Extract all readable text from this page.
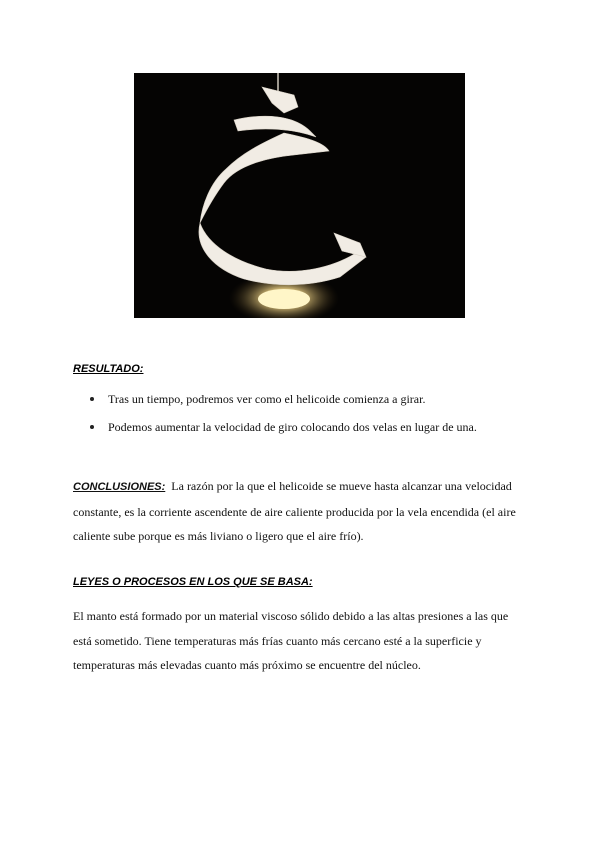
RESULTADO:
Tras un tiempo, podremos ver como el helicoide comienza a girar.
Podemos aumentar la velocidad de giro colocando dos velas en lugar de una.

CONCLUSIONES: La razón por la que el helicoide se mueve hasta alcanzar una velocidad constante, es la corriente ascendente de aire caliente producida por la vela encendida (el aire caliente sube porque es más liviano o ligero que el aire frío).

LEYES O PROCESOS EN LOS QUE SE BASA:

El manto está formado por un material viscoso sólido debido a las altas presiones a las que está sometido. Tiene temperaturas más frías cuanto más cercano esté a la superficie y temperaturas más elevadas cuanto más próximo se encuentre del núcleo.
